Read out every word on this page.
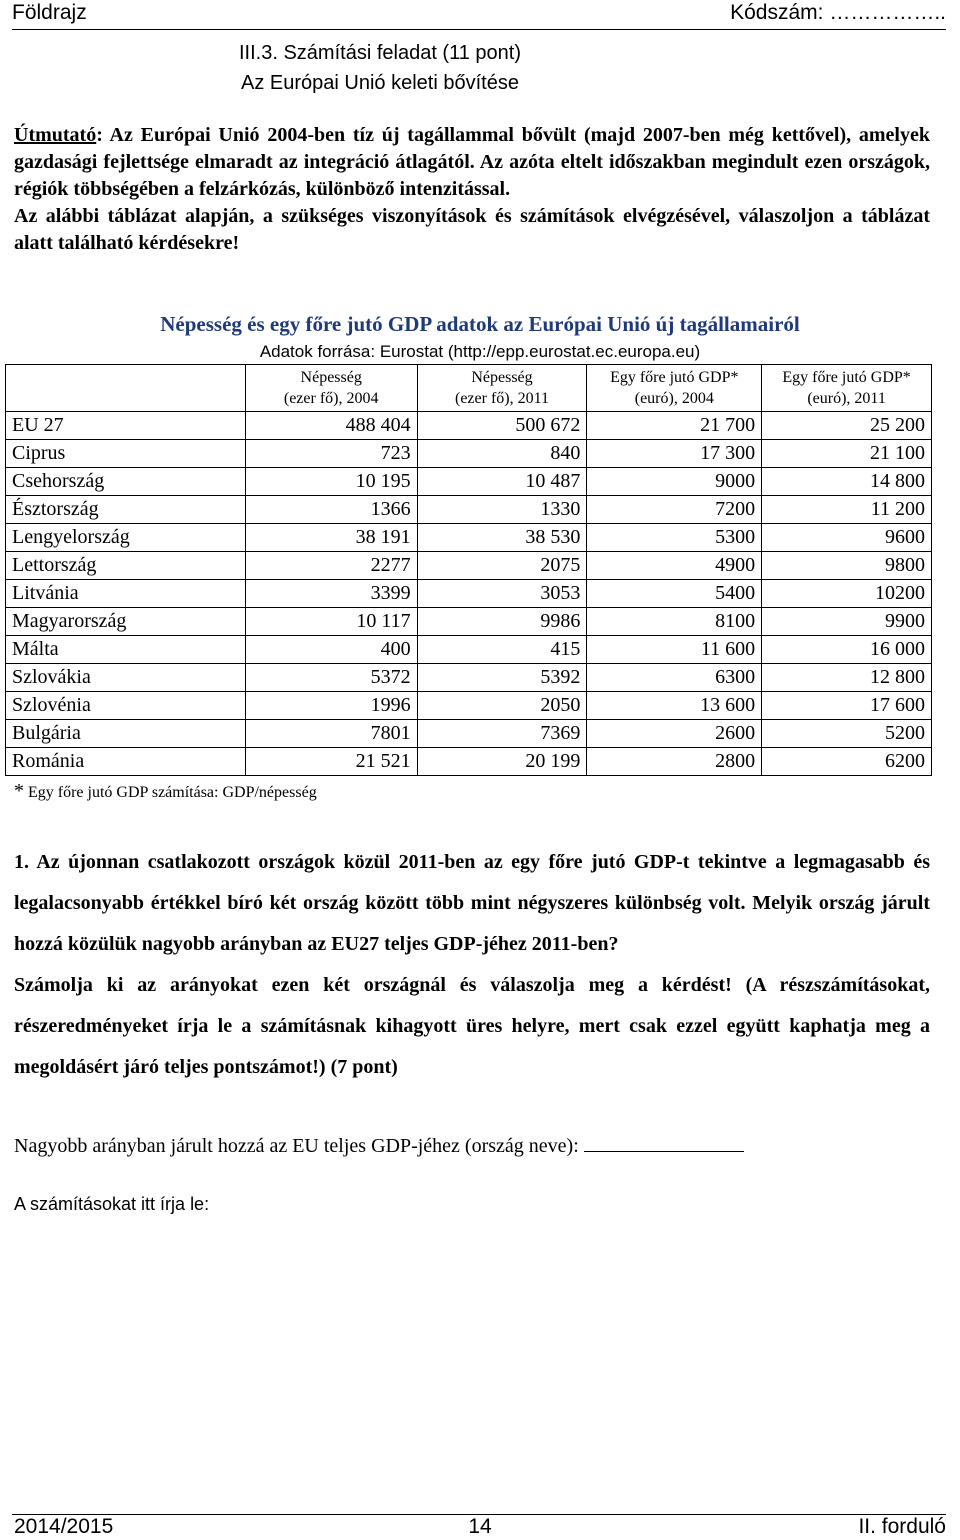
Földrajz	Kódszám: ……………..
III.3. Számítási feladat (11 pont)
Az Európai Unió keleti bővítése

Útmutató: Az Európai Unió 2004-ben tíz új tagállammal bővült (majd 2007-ben még kettővel), amelyek gazdasági fejlettsége elmaradt az integráció átlagától. Az azóta eltelt időszakban megindult ezen országok, régiók többségében a felzárkózás, különböző intenzitással.

Az alábbi táblázat alapján, a szükséges viszonyítások és számítások elvégzésével, válaszoljon a táblázat alatt található kérdésekre!

Népesség és egy főre jutó GDP adatok az Európai Unió új tagállamairól
Adatok forrása: Eurostat (http://epp.eurostat.ec.europa.eu)
	Népesség
(ezer fő), 2004	Népesség
(ezer fő), 2011	Egy főre jutó GDP*
(euró), 2004	Egy főre jutó GDP*
(euró), 2011
EU 27	488 404	500 672	21 700	25 200
Ciprus	723	840	17 300	21 100
Csehország	10 195	10 487	9000	14 800
Észtország	1366	1330	7200	11 200
Lengyelország	38 191	38 530	5300	9600
Lettország	2277	2075	4900	9800
Litvánia	3399	3053	5400	10200
Magyarország	10 117	9986	8100	9900
Málta	400	415	11 600	16 000
Szlovákia	5372	5392	6300	12 800
Szlovénia	1996	2050	13 600	17 600
Bulgária	7801	7369	2600	5200
Románia	21 521	20 199	2800	6200
* Egy főre jutó GDP számítása: GDP/népesség

1. Az újonnan csatlakozott országok közül 2011-ben az egy főre jutó GDP-t tekintve a legmagasabb és legalacsonyabb értékkel bíró két ország között több mint négyszeres különbség volt. Melyik ország járult hozzá közülük nagyobb arányban az EU27 teljes GDP-jéhez 2011-ben?

Számolja ki az arányokat ezen két országnál és válaszolja meg a kérdést! (A részszámításokat, részeredményeket írja le a számításnak kihagyott üres helyre, mert csak ezzel együtt kaphatja meg a megoldásért járó teljes pontszámot!) (7 pont)

Nagyobb arányban járult hozzá az EU teljes GDP-jéhez (ország neve):
A számításokat itt írja le:
2014/2015	14	II. forduló
